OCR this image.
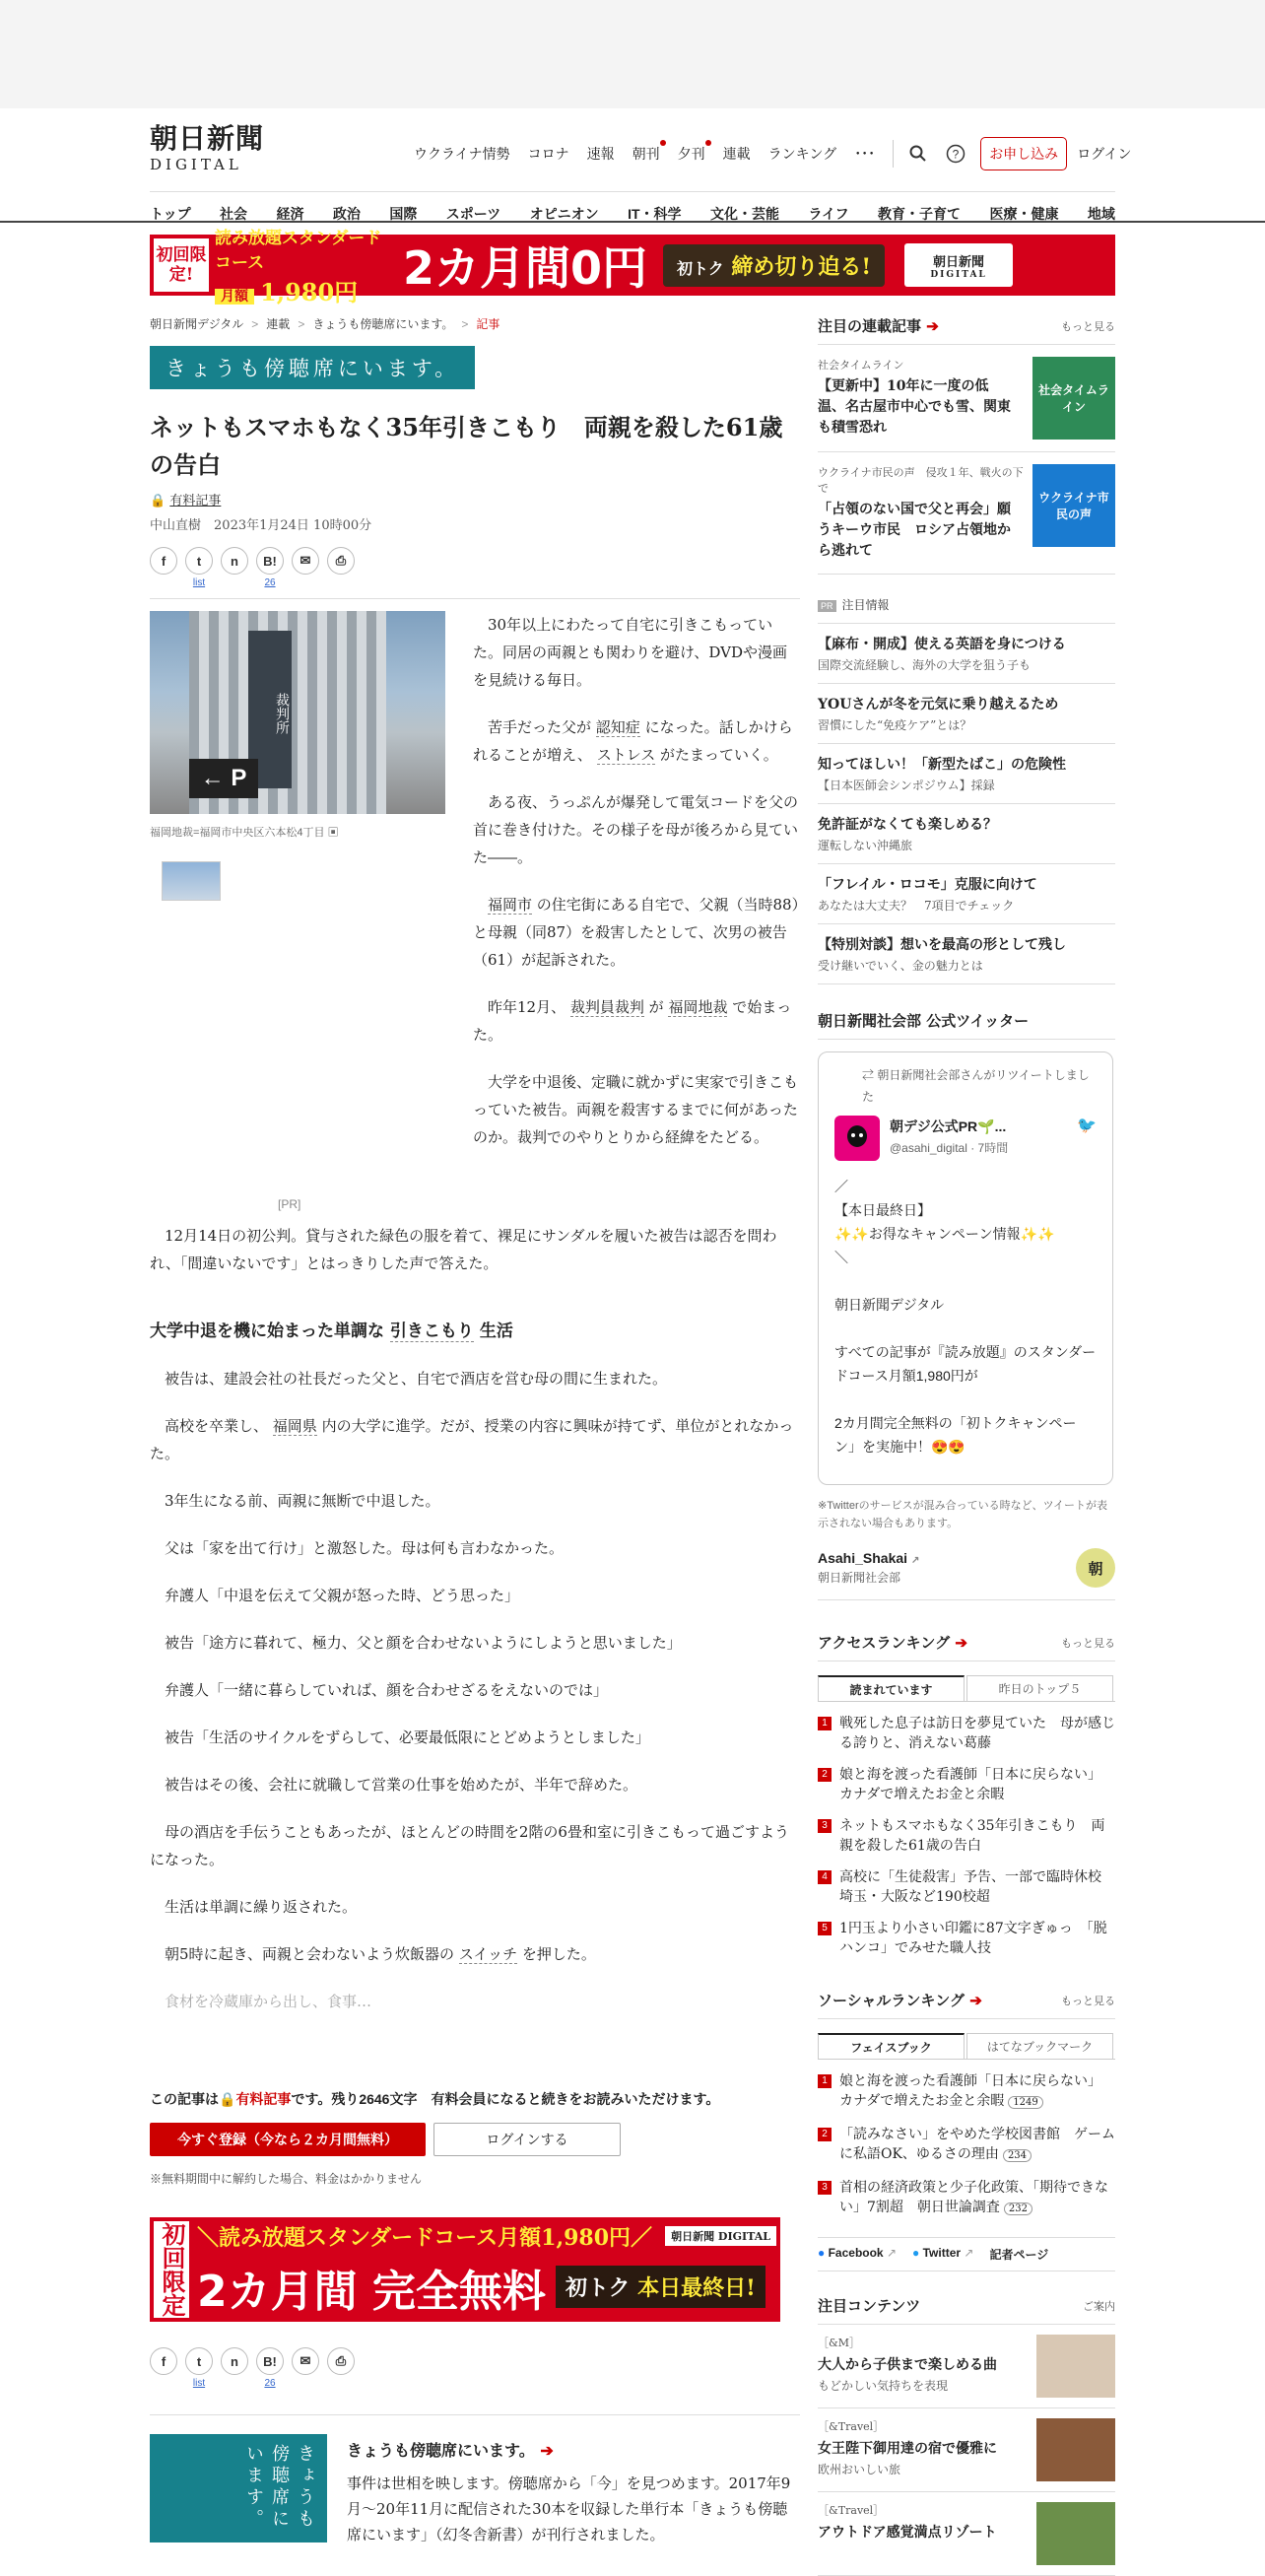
朝日新聞
DIGITAL
ウクライナ情勢 コロナ 速報 朝刊 夕刊 連載 ランキング ･･･	?	お申し込み	ログイン
トップ 社会 経済 政治 国際 スポーツ オピニオン IT・科学 文化・芸能 ライフ 教育・子育て 医療・健康 地域
初回限定!
読み放題スタンダードコース
月額 1,980円 2カ月間0円	初トク 締め切り迫る!	朝日新聞
DIGITAL
朝日新聞デジタル > 連載 > きょうも傍聴席にいます。 > 記事
きょうも傍聴席にいます。
ネットもスマホもなく35年引きこもり　両親を殺した61歳の告白
🔒 有料記事
中山直樹　 2023年1月24日 10時00分
f t
list
n B!
26
✉ ⎙
裁判所
← P
福岡地裁=福岡市中央区六本松4丁目 ▣
[PR]

30年以上にわたって自宅に引きこもっていた。同居の両親とも関わりを避け、DVDや漫画を見続ける毎日。

苦手だった父が 認知症 になった。話しかけられることが増え、 ストレス がたまっていく。

ある夜、うっぷんが爆発して電気コードを父の首に巻き付けた。その様子を母が後ろから見ていた――。

福岡市 の住宅街にある自宅で、父親（当時88）と母親（同87）を殺害したとして、次男の被告（61）が起訴された。

昨年12月、 裁判員裁判 が 福岡地裁 で始まった。

大学を中退後、定職に就かずに実家で引きこもっていた被告。両親を殺害するまでに何があったのか。裁判でのやりとりから経緯をたどる。

12月14日の初公判。貸与された緑色の服を着て、裸足にサンダルを履いた被告は認否を問われ、「間違いないです」とはっきりした声で答えた。

大学中退を機に始まった単調な 引きこもり 生活

被告は、建設会社の社長だった父と、自宅で酒店を営む母の間に生まれた。

高校を卒業し、 福岡県 内の大学に進学。だが、授業の内容に興味が持てず、単位がとれなかった。

3年生になる前、両親に無断で中退した。

父は「家を出て行け」と激怒した。母は何も言わなかった。

弁護人「中退を伝えて父親が怒った時、どう思った」

被告「途方に暮れて、極力、父と顔を合わせないようにしようと思いました」

弁護人「一緒に暮らしていれば、顔を合わせざるをえないのでは」

被告「生活のサイクルをずらして、必要最低限にとどめようとしました」

被告はその後、会社に就職して営業の仕事を始めたが、半年で辞めた。

母の酒店を手伝うこともあったが、ほとんどの時間を2階の6畳和室に引きこもって過ごすようになった。

生活は単調に繰り返された。

朝5時に起き、両親と会わないよう炊飯器の スイッチ を押した。

食材を冷蔵庫から出し、食事…

この記事は🔒有料記事です。残り2646文字　有料会員になると続きをお読みいただけます。
今すぐ登録（今なら２カ月間無料）	ログインする
※無料期間中に解約した場合、料金はかかりません
初回限定 ＼読み放題スタンダードコース月額1,980円／	朝日新聞 DIGITAL
2カ月間 完全無料 初トク 本日最終日!
f t
list
n B!
26
✉ ⎙
きょうも傍聴席にいます。	きょうも傍聴席にいます。 ➔
事件は世相を映します。傍聴席から「今」を見つめます。2017年9月～20年11月に配信された30本を収録した単行本「きょうも傍聴席にいます」（幻冬舎新書）が刊行されました。
注目の連載記事 ➔	もっと見る
社会タイムライン
【更新中】10年に一度の低温、名古屋市中心でも雪、関東も積雪恐れ
社会タイムライン
ウクライナ市民の声　侵攻１年、戦火の下で
「占領のない国で父と再会」願うキーウ市民　ロシア占領地から逃れて
ウクライナ市民の声
PR 注目情報
【麻布・開成】使える英語を身につける
国際交流経験し、海外の大学を狙う子も
YOUさんが冬を元気に乗り越えるため
習慣にした“免疫ケア”とは？
知ってほしい！「新型たばこ」の危険性
【日本医師会シンポジウム】採録
免許証がなくても楽しめる？
運転しない沖縄旅
「フレイル・ロコモ」克服に向けて
あなたは大丈夫？　7項目でチェック
【特別対談】想いを最高の形として残し
受け継いでいく、金の魅力とは
朝日新聞社会部 公式ツイッター
⇄ 朝日新聞社会部さんがリツイートしました
朝デジ公式PR🌱...
@asahi_digital · 7時間
🐦
／
【本日最終日】
✨✨お得なキャンペーン情報✨✨
＼
朝日新聞デジタル
すべての記事が『読み放題』のスタンダードコース月額1,980円が
2カ月間完全無料の「初トクキャンペーン」を実施中！😍😍
※Twitterのサービスが混み合っている時など、ツイートが表示されない場合もあります。
Asahi_Shakai ↗
朝日新聞社会部
朝
アクセスランキング ➔	もっと見る
読まれています	昨日のトップ５
1 戦死した息子は訪日を夢見ていた　母が感じる誇りと、消えない葛藤
2 娘と海を渡った看護師「日本に戻らない」　カナダで増えたお金と余暇
3 ネットもスマホもなく35年引きこもり　両親を殺した61歳の告白
4 高校に「生徒殺害」予告、一部で臨時休校　埼玉・大阪など190校超
5 1円玉より小さい印鑑に87文字ぎゅっ　「脱ハンコ」でみせた職人技
ソーシャルランキング ➔	もっと見る
フェイスブック	はてなブックマーク
1 娘と海を渡った看護師「日本に戻らない」　カナダで増えたお金と余暇 1249
2 「読みなさい」をやめた学校図書館　ゲームに私語OK、ゆるさの理由 234
3 首相の経済政策と少子化政策、「期待できない」7割超　朝日世論調査 232
● Facebook ↗ ● Twitter ↗ 記者ページ
注目コンテンツ	ご案内
［&M］
大人から子供まで楽しめる曲
もどかしい気持ちを表現
［&Travel］
女王陛下御用達の宿で優雅に
欧州おいしい旅
［&Travel］
アウトドア感覚満点リゾート
